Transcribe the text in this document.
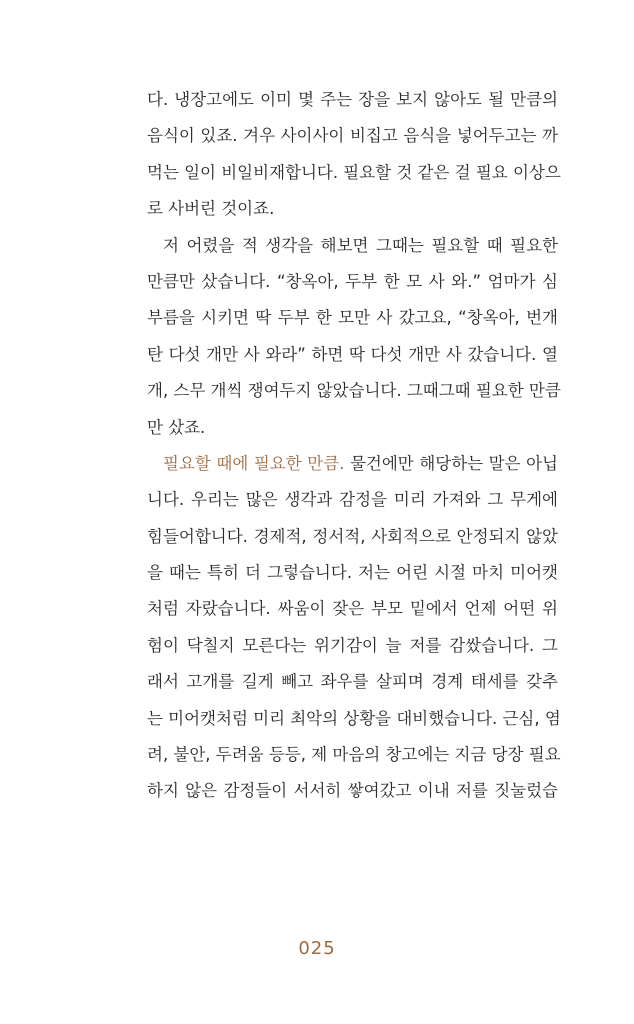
다. 냉장고에도 이미 몇 주는 장을 보지 않아도 될 만큼의
음식이 있죠. 겨우 사이사이 비집고 음식을 넣어두고는 까
먹는 일이 비일비재합니다. 필요할 것 같은 걸 필요 이상으
로 사버린 것이죠.
저 어렸을 적 생각을 해보면 그때는 필요할 때 필요한
만큼만 샀습니다. “창옥아, 두부 한 모 사 와.” 엄마가 심
부름을 시키면 딱 두부 한 모만 사 갔고요, “창옥아, 번개
탄 다섯 개만 사 와라” 하면 딱 다섯 개만 사 갔습니다. 열
개, 스무 개씩 쟁여두지 않았습니다. 그때그때 필요한 만큼
만 샀죠.
필요할 때에 필요한 만큼. 물건에만 해당하는 말은 아닙
니다. 우리는 많은 생각과 감정을 미리 가져와 그 무게에
힘들어합니다. 경제적, 정서적, 사회적으로 안정되지 않았
을 때는 특히 더 그렇습니다. 저는 어린 시절 마치 미어캣
처럼 자랐습니다. 싸움이 잦은 부모 밑에서 언제 어떤 위
험이 닥칠지 모른다는 위기감이 늘 저를 감쌌습니다. 그
래서 고개를 길게 빼고 좌우를 살피며 경계 태세를 갖추
는 미어캣처럼 미리 최악의 상황을 대비했습니다. 근심, 염
려, 불안, 두려움 등등, 제 마음의 창고에는 지금 당장 필요
하지 않은 감정들이 서서히 쌓여갔고 이내 저를 짓눌렀습
025
